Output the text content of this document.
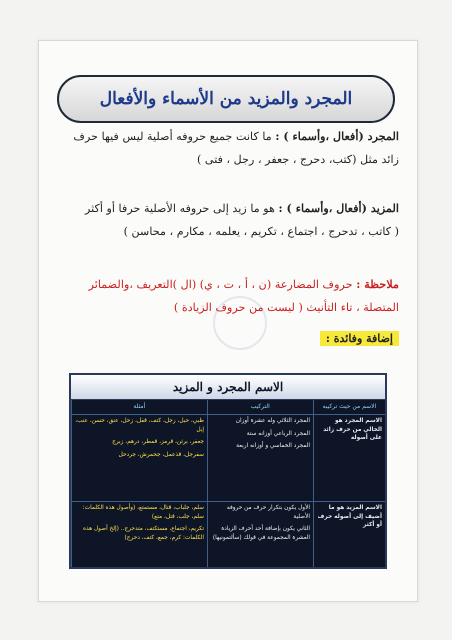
المجرد والمزيد من الأسماء والأفعال
المجرد (أفعال ،وأسماء ) : ما كانت جميع حروفه أصلية ليس فيها حرف
زائد مثل (كتب، دحرج ، جعفر ، رجل ، فتى )
المزيد (أفعال ،وأسماء ) : هو ما زيد إلى حروفه الأصلية حرفا أو أكثر
( كاتب ، تدحرج ، اجتماع ، تكريم ، يعلمه ، مكارم ، محاسن )
ملاحظة : حروف المضارعة (ن ، أ ، ت ، ي) (ال )التعريف ،والضمائر
المتصلة ، تاء التأنيث ( ليست من حروف الزيادة )
إضافة وفائدة :
الاسم المجرد و المزيد
الاسم من حيث تركيبه
التركيب
أمثلة
الاسم المجرد هو الخالي من حرف زائد على أصوله
المجرد الثلاثي وله عشرة أوزان
المجرد الرباعي أوزانه ستة
المجرد الخماسي و أوزانه اربعة
ظبي، حبل، رجل، كتف، قفل، زحل، عنق، حسن، عنب، إبل
جعفر، برثن، قرمز، قمطر، درهم، زبرج
سفرجل، قذعمل، جحمرش، جردحل
الاسم المزيد هو ما أضيف إلى أصوله حرف أو أكثر
الأول يكون بتكرار حرف من حروفه الأصلية
الثاني يكون بإضافة أحد أحرف الزيادة العشرة المجموعة في قولك (سألتمونيها)
سلم، جلباب، قتال، مستمتع، (وأصول هذه الكلمات: سلم، جلب، قتل، متع)
تكريم، اجتماع، مستكتف، متدحرج.. (إلخ أصول هذه الكلمات: كرم، جمع، كتف، دحرج)
